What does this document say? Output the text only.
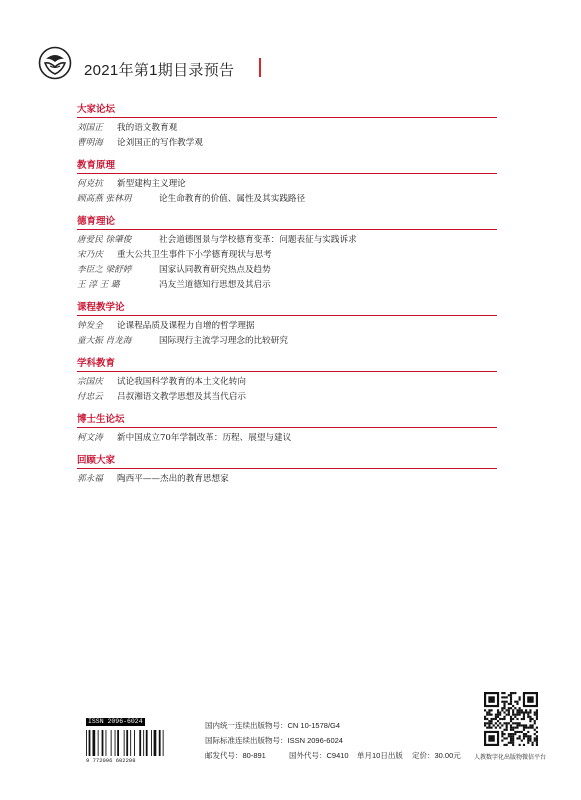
2021年第1期目录预告
大家论坛
刘国正	我的语文教育观
曹明海	论刘国正的写作教学观
教育原理
何克抗	新型建构主义理论
顾高燕 张林玥	论生命教育的价值、属性及其实践路径
德育理论
唐爱民 徐肇俊	社会道德图景与学校德育变革：问题表征与实践诉求
宋乃庆	重大公共卫生事件下小学德育现状与思考
李臣之 梁舒婷	国家认同教育研究热点及趋势
王 淳 王 璐	冯友兰道德知行思想及其启示
课程教学论
钟发全	论课程品质及课程力自增的哲学理据
童大振 肖龙海	国际现行主流学习理念的比较研究
学科教育
宗国庆	试论我国科学教育的本土文化转向
付忠云	吕叔湘语文教学思想及其当代启示
博士生论坛
柯文涛	新中国成立70年学制改革：历程、展望与建议
回顾大家
郭永福	陶西平——杰出的教育思想家
ISSN 2096-6024
9 772096 602208
国内统一连续出版物号：CN 10-1578/G4
国际标准连续出版物号：ISSN 2096-6024
邮发代号：80-891	国外代号：C9410 单月10日出版 定价：30.00元 人教数字化出版物微信平台
